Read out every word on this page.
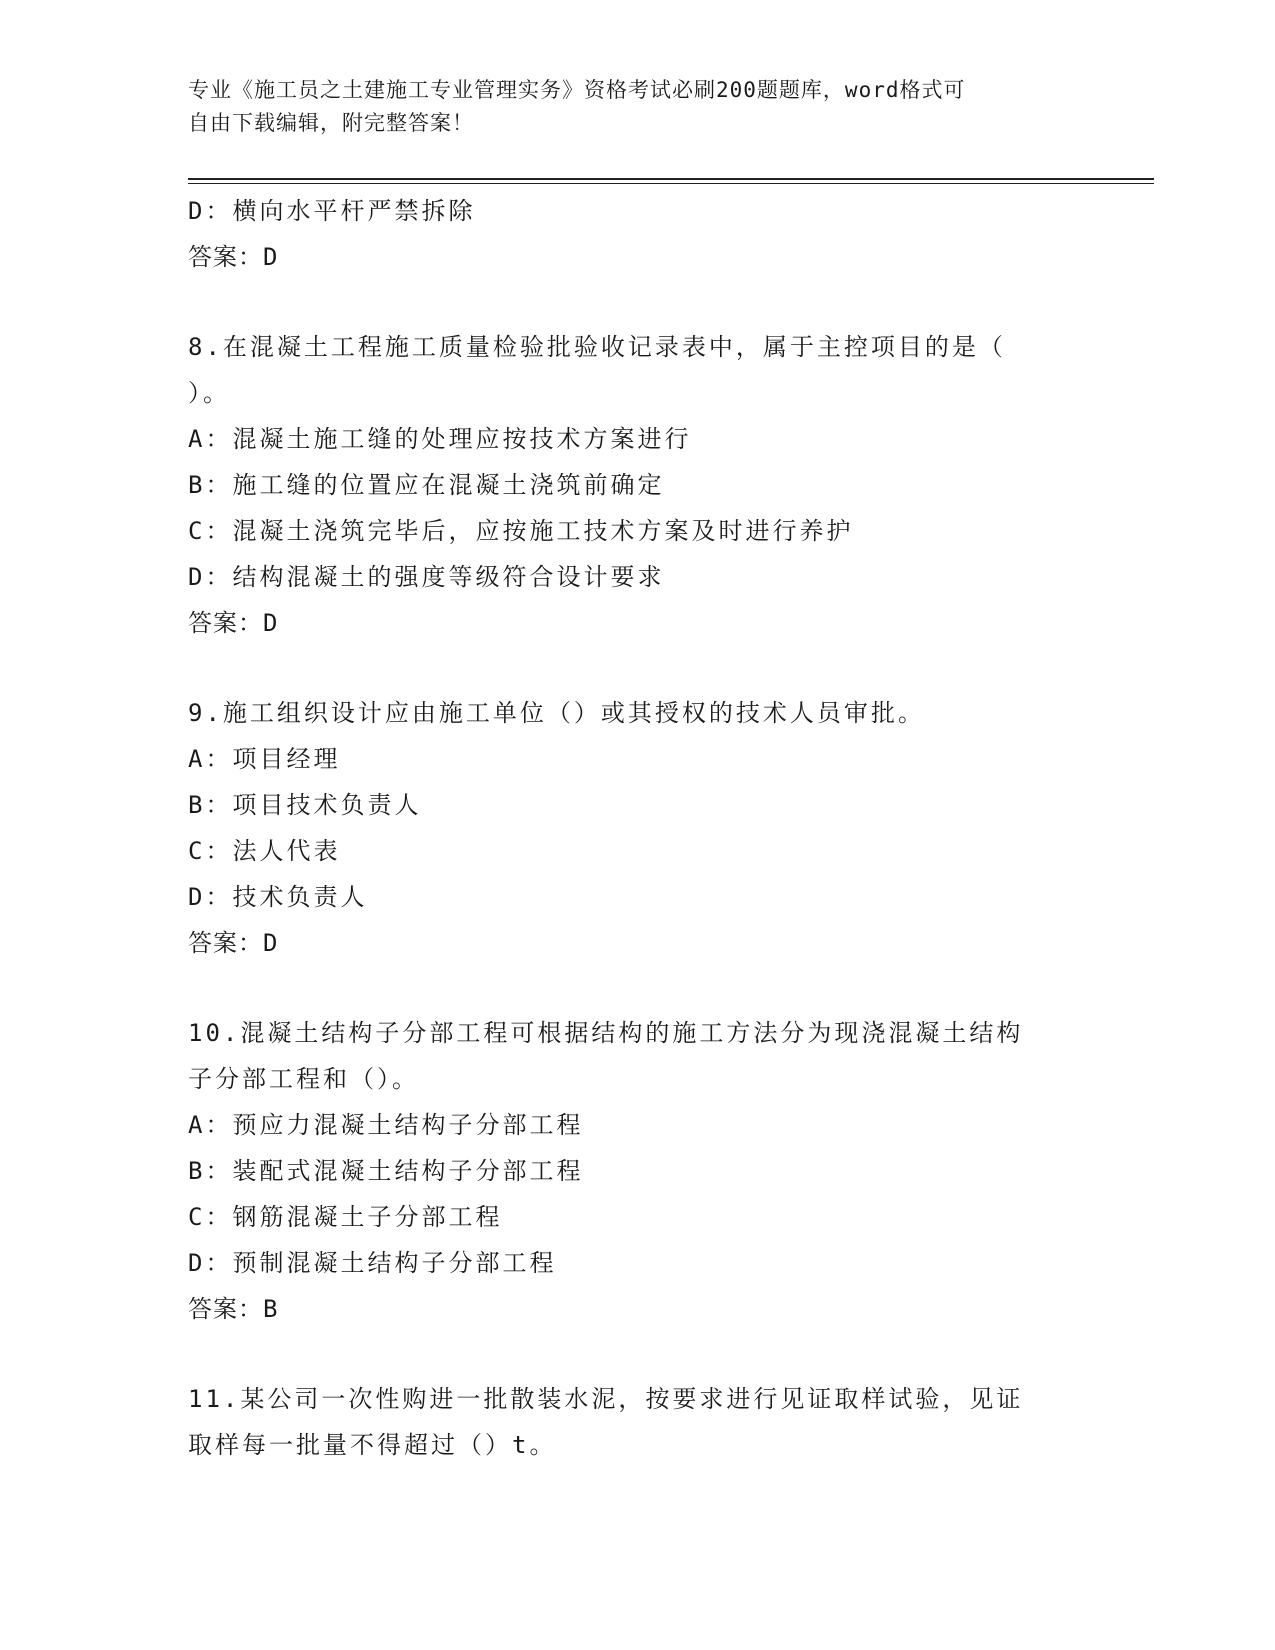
专业《施工员之土建施工专业管理实务》资格考试必刷200题题库，word格式可
自由下载编辑，附完整答案！
D：横向水平杆严禁拆除
答案：D
8.在混凝土工程施工质量检验批验收记录表中，属于主控项目的是（
）。
A：混凝土施工缝的处理应按技术方案进行
B：施工缝的位置应在混凝土浇筑前确定
C：混凝土浇筑完毕后，应按施工技术方案及时进行养护
D：结构混凝土的强度等级符合设计要求
答案：D
9.施工组织设计应由施工单位（）或其授权的技术人员审批。
A：项目经理
B：项目技术负责人
C：法人代表
D：技术负责人
答案：D
10.混凝土结构子分部工程可根据结构的施工方法分为现浇混凝土结构
子分部工程和（）。
A：预应力混凝土结构子分部工程
B：装配式混凝土结构子分部工程
C：钢筋混凝土子分部工程
D：预制混凝土结构子分部工程
答案：B
11.某公司一次性购进一批散装水泥，按要求进行见证取样试验，见证
取样每一批量不得超过（）t。
